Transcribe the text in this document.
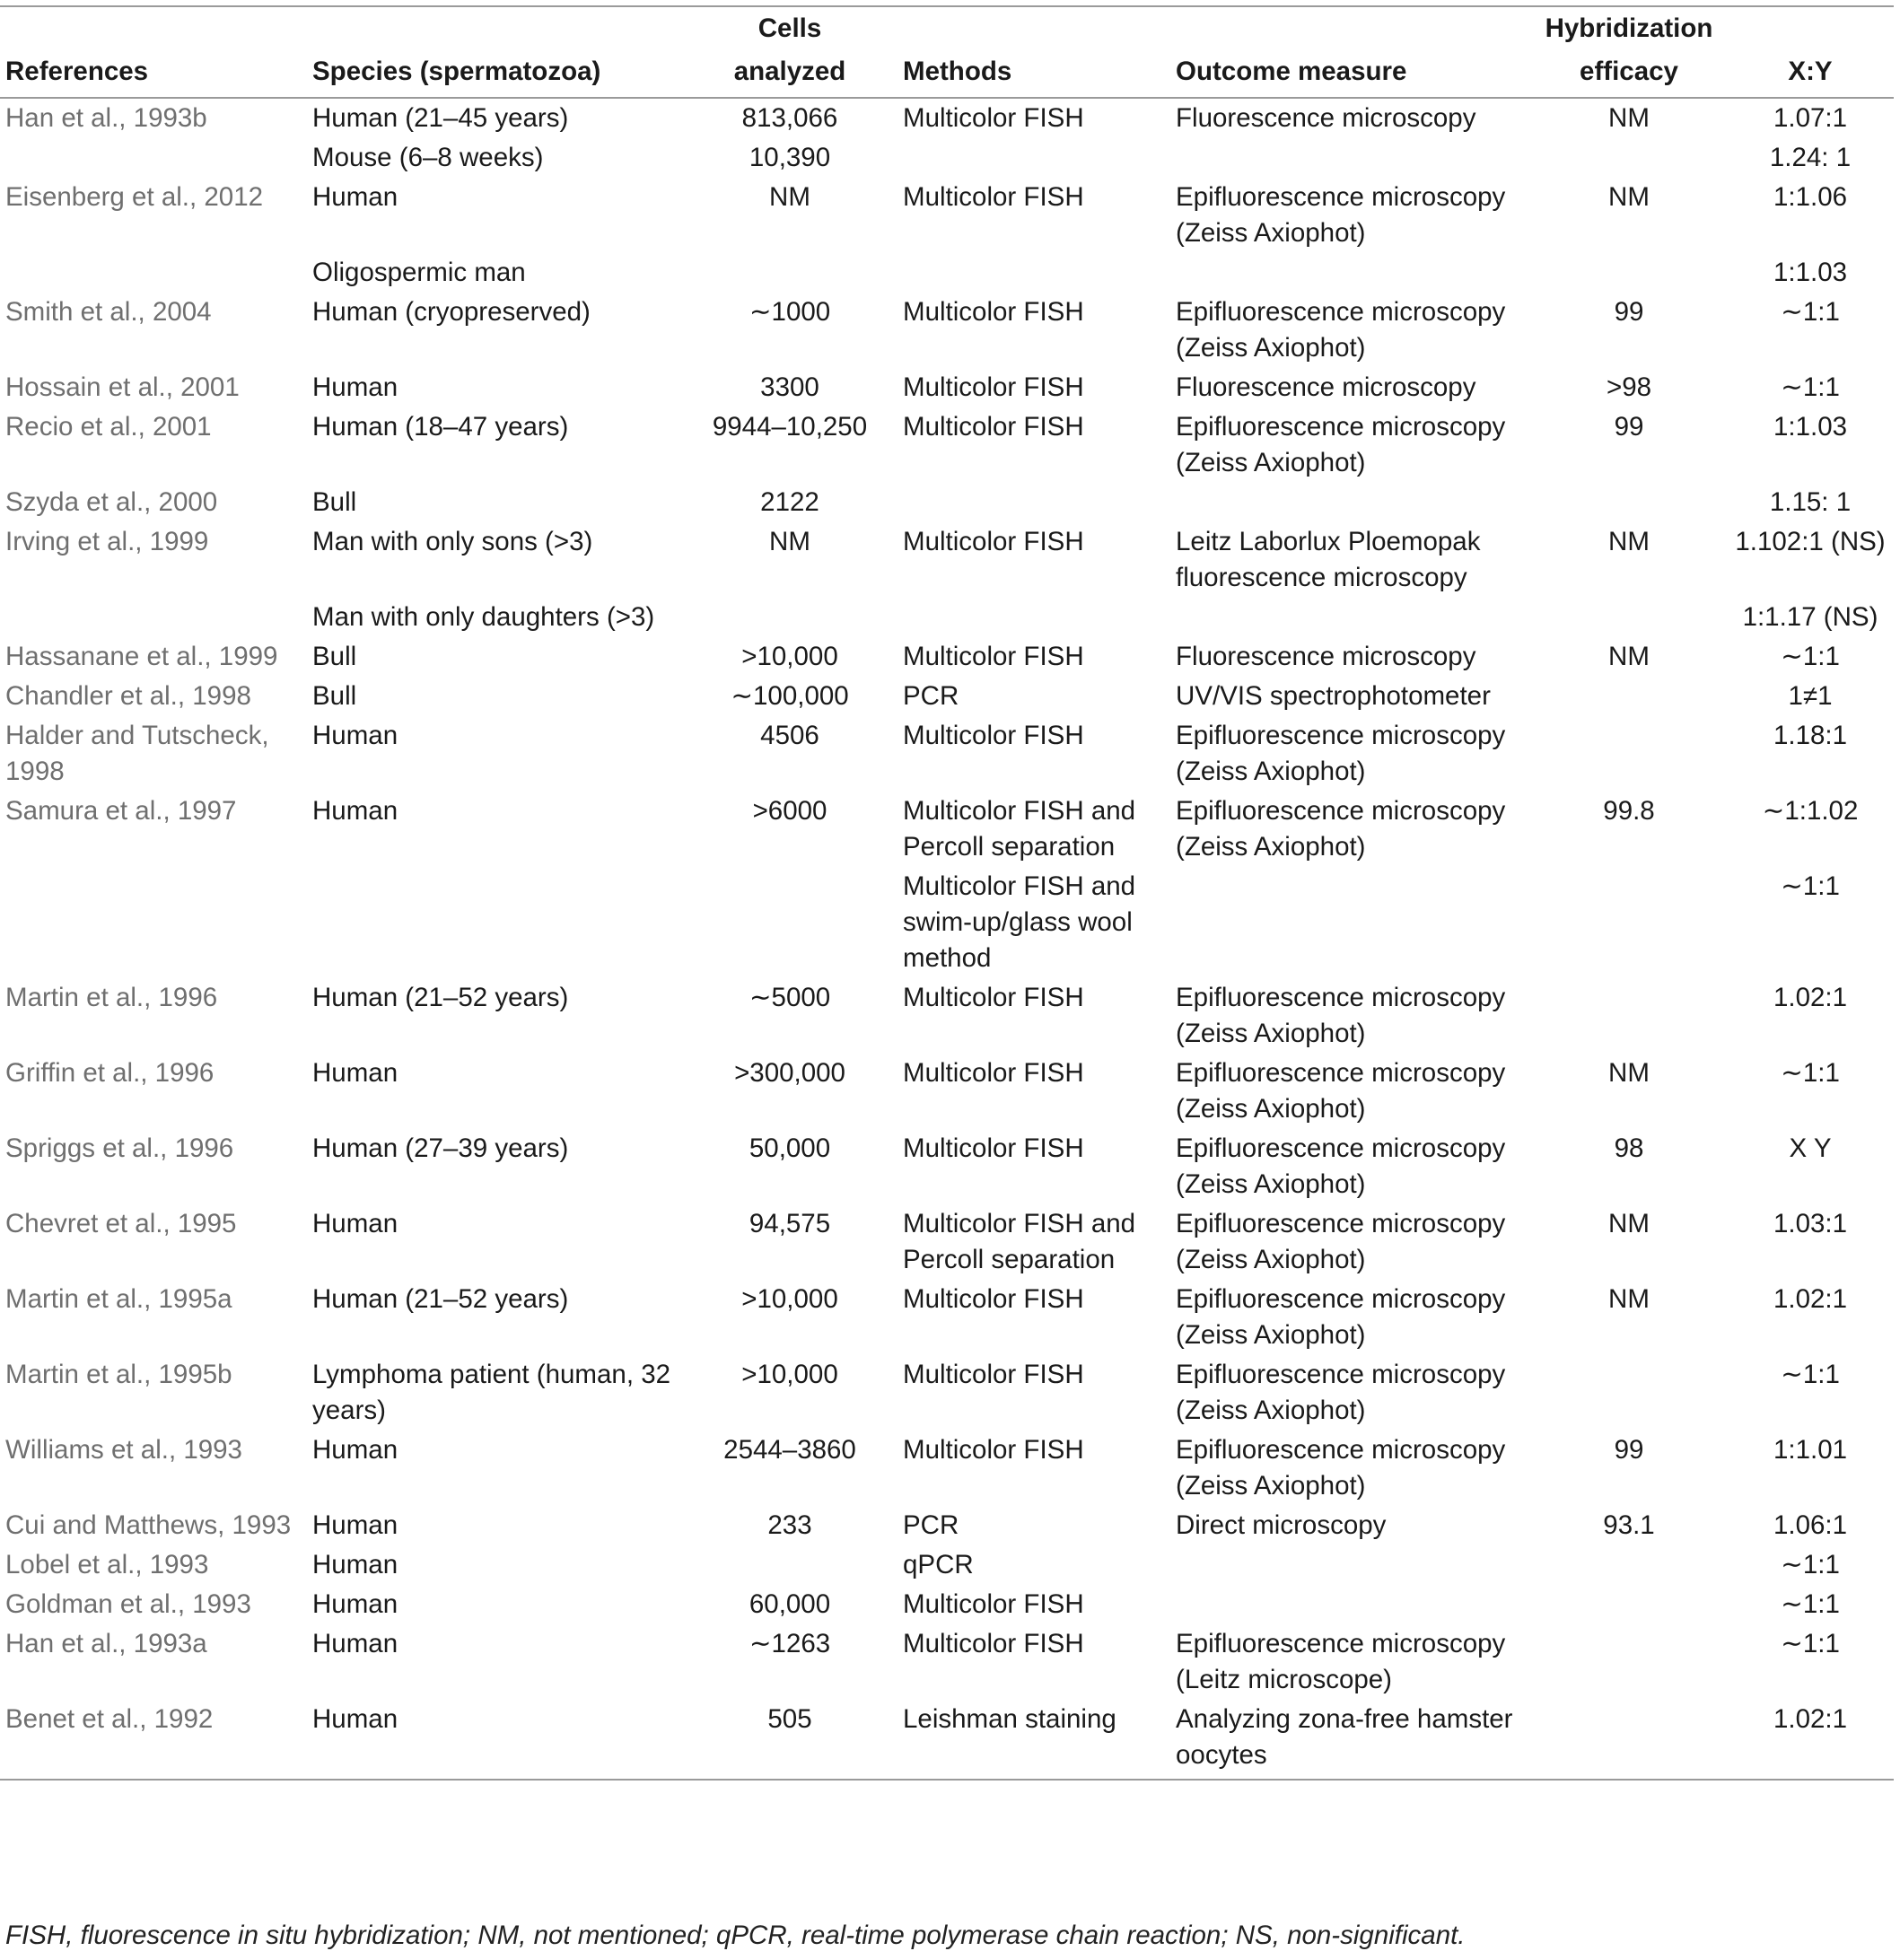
		Cells			Hybridization	
References	Species (spermatozoa)	analyzed	Methods	Outcome measure	efficacy	X:Y
Han et al., 1993b	Human (21–45 years)	813,066	Multicolor FISH	Fluorescence microscopy	NM	1.07:1
	Mouse (6–8 weeks)	10,390				1.24: 1
Eisenberg et al., 2012	Human	NM	Multicolor FISH	Epifluorescence microscopy (Zeiss Axiophot)	NM	1:1.06
	Oligospermic man					1:1.03
Smith et al., 2004	Human (cryopreserved)	∼1000	Multicolor FISH	Epifluorescence microscopy (Zeiss Axiophot)	99	∼1:1
Hossain et al., 2001	Human	3300	Multicolor FISH	Fluorescence microscopy	>98	∼1:1
Recio et al., 2001	Human (18–47 years)	9944–10,250	Multicolor FISH	Epifluorescence microscopy (Zeiss Axiophot)	99	1:1.03
Szyda et al., 2000	Bull	2122				1.15: 1
Irving et al., 1999	Man with only sons (>3)	NM	Multicolor FISH	Leitz Laborlux Ploemopak fluorescence microscopy	NM	1.102:1 (NS)
	Man with only daughters (>3)					1:1.17 (NS)
Hassanane et al., 1999	Bull	>10,000	Multicolor FISH	Fluorescence microscopy	NM	∼1:1
Chandler et al., 1998	Bull	∼100,000	PCR	UV/VIS spectrophotometer		1≠1
Halder and Tutscheck, 1998	Human	4506	Multicolor FISH	Epifluorescence microscopy (Zeiss Axiophot)		1.18:1
Samura et al., 1997	Human	>6000	Multicolor FISH and Percoll separation	Epifluorescence microscopy (Zeiss Axiophot)	99.8	∼1:1.02
			Multicolor FISH and swim-up/glass wool method			∼1:1
Martin et al., 1996	Human (21–52 years)	∼5000	Multicolor FISH	Epifluorescence microscopy (Zeiss Axiophot)		1.02:1
Griffin et al., 1996	Human	>300,000	Multicolor FISH	Epifluorescence microscopy (Zeiss Axiophot)	NM	∼1:1
Spriggs et al., 1996	Human (27–39 years)	50,000	Multicolor FISH	Epifluorescence microscopy (Zeiss Axiophot)	98	X Y
Chevret et al., 1995	Human	94,575	Multicolor FISH and Percoll separation	Epifluorescence microscopy (Zeiss Axiophot)	NM	1.03:1
Martin et al., 1995a	Human (21–52 years)	>10,000	Multicolor FISH	Epifluorescence microscopy (Zeiss Axiophot)	NM	1.02:1
Martin et al., 1995b	Lymphoma patient (human, 32 years)	>10,000	Multicolor FISH	Epifluorescence microscopy (Zeiss Axiophot)		∼1:1
Williams et al., 1993	Human	2544–3860	Multicolor FISH	Epifluorescence microscopy (Zeiss Axiophot)	99	1:1.01
Cui and Matthews, 1993	Human	233	PCR	Direct microscopy	93.1	1.06:1
Lobel et al., 1993	Human		qPCR			∼1:1
Goldman et al., 1993	Human	60,000	Multicolor FISH			∼1:1
Han et al., 1993a	Human	∼1263	Multicolor FISH	Epifluorescence microscopy (Leitz microscope)		∼1:1
Benet et al., 1992	Human	505	Leishman staining	Analyzing zona-free hamster oocytes		1.02:1
FISH, fluorescence in situ hybridization; NM, not mentioned; qPCR, real-time polymerase chain reaction; NS, non-significant.
